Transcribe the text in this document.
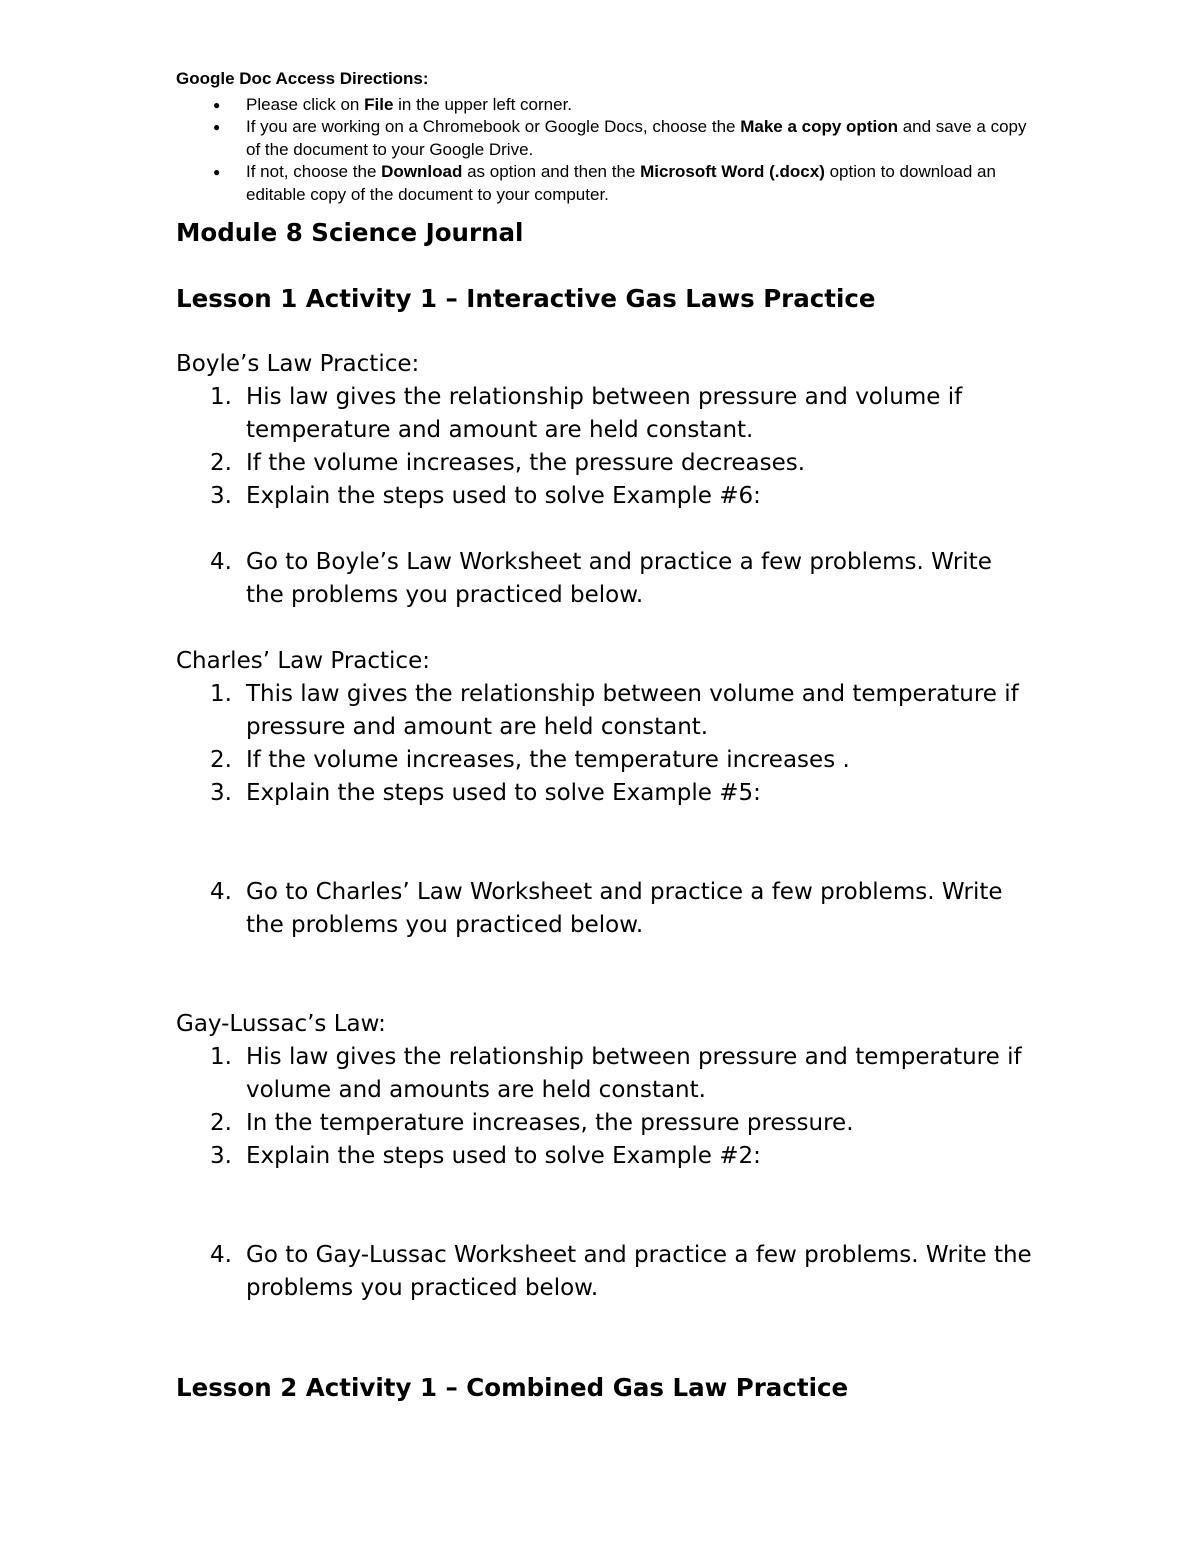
Google Doc Access Directions:
● Please click on File in the upper left corner.
● If you are working on a Chromebook or Google Docs, choose the Make a copy option and save a copy of the document to your Google Drive.
● If not, choose the Download as option and then the Microsoft Word (.docx) option to download an editable copy of the document to your computer.
Module 8 Science Journal
Lesson 1 Activity 1 – Interactive Gas Laws Practice
Boyle’s Law Practice:
1. His law gives the relationship between pressure and volume if temperature and amount are held constant.
2. If the volume increases, the pressure decreases.
3. Explain the steps used to solve Example #6:
4. Go to Boyle’s Law Worksheet and practice a few problems. Write the problems you practiced below.
Charles’ Law Practice:
1. This law gives the relationship between volume and temperature if pressure and amount are held constant.
2. If the volume increases, the temperature increases .
3. Explain the steps used to solve Example #5:
4. Go to Charles’ Law Worksheet and practice a few problems. Write the problems you practiced below.
Gay-Lussac’s Law:
1. His law gives the relationship between pressure and temperature if volume and amounts are held constant.
2. In the temperature increases, the pressure pressure.
3. Explain the steps used to solve Example #2:
4. Go to Gay-Lussac Worksheet and practice a few problems. Write the problems you practiced below.
Lesson 2 Activity 1 – Combined Gas Law Practice
